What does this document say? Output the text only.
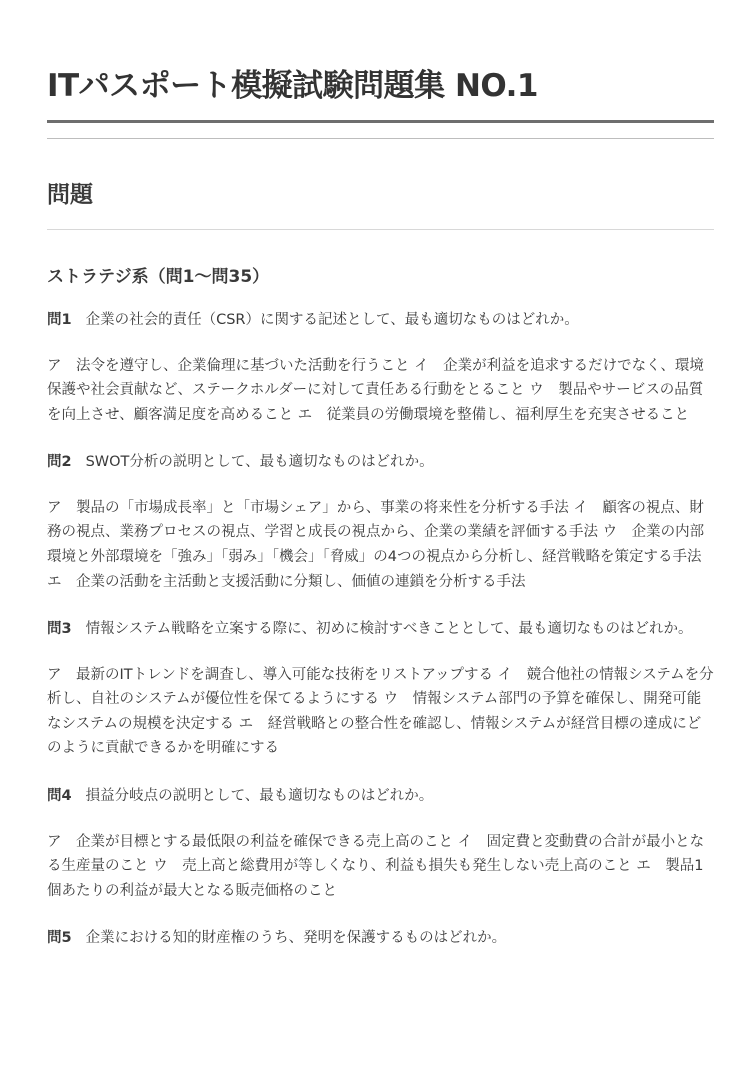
ITパスポート模擬試験問題集 NO.1
問題
ストラテジ系（問1〜問35）

問1 企業の社会的責任（CSR）に関する記述として、最も適切なものはどれか。

ア　法令を遵守し、企業倫理に基づいた活動を行うこと イ　企業が利益を追求するだけでなく、環境保護や社会貢献など、ステークホルダーに対して責任ある行動をとること ウ　製品やサービスの品質を向上させ、顧客満足度を高めること エ　従業員の労働環境を整備し、福利厚生を充実させること

問2 SWOT分析の説明として、最も適切なものはどれか。

ア　製品の「市場成長率」と「市場シェア」から、事業の将来性を分析する手法 イ　顧客の視点、財務の視点、業務プロセスの視点、学習と成長の視点から、企業の業績を評価する手法 ウ　企業の内部環境と外部環境を「強み」「弱み」「機会」「脅威」の4つの視点から分析し、経営戦略を策定する手法 エ　企業の活動を主活動と支援活動に分類し、価値の連鎖を分析する手法

問3 情報システム戦略を立案する際に、初めに検討すべきこととして、最も適切なものはどれか。

ア　最新のITトレンドを調査し、導入可能な技術をリストアップする イ　競合他社の情報システムを分析し、自社のシステムが優位性を保てるようにする ウ　情報システム部門の予算を確保し、開発可能なシステムの規模を決定する エ　経営戦略との整合性を確認し、情報システムが経営目標の達成にどのように貢献できるかを明確にする

問4 損益分岐点の説明として、最も適切なものはどれか。

ア　企業が目標とする最低限の利益を確保できる売上高のこと イ　固定費と変動費の合計が最小となる生産量のこと ウ　売上高と総費用が等しくなり、利益も損失も発生しない売上高のこと エ　製品1個あたりの利益が最大となる販売価格のこと

問5 企業における知的財産権のうち、発明を保護するものはどれか。
